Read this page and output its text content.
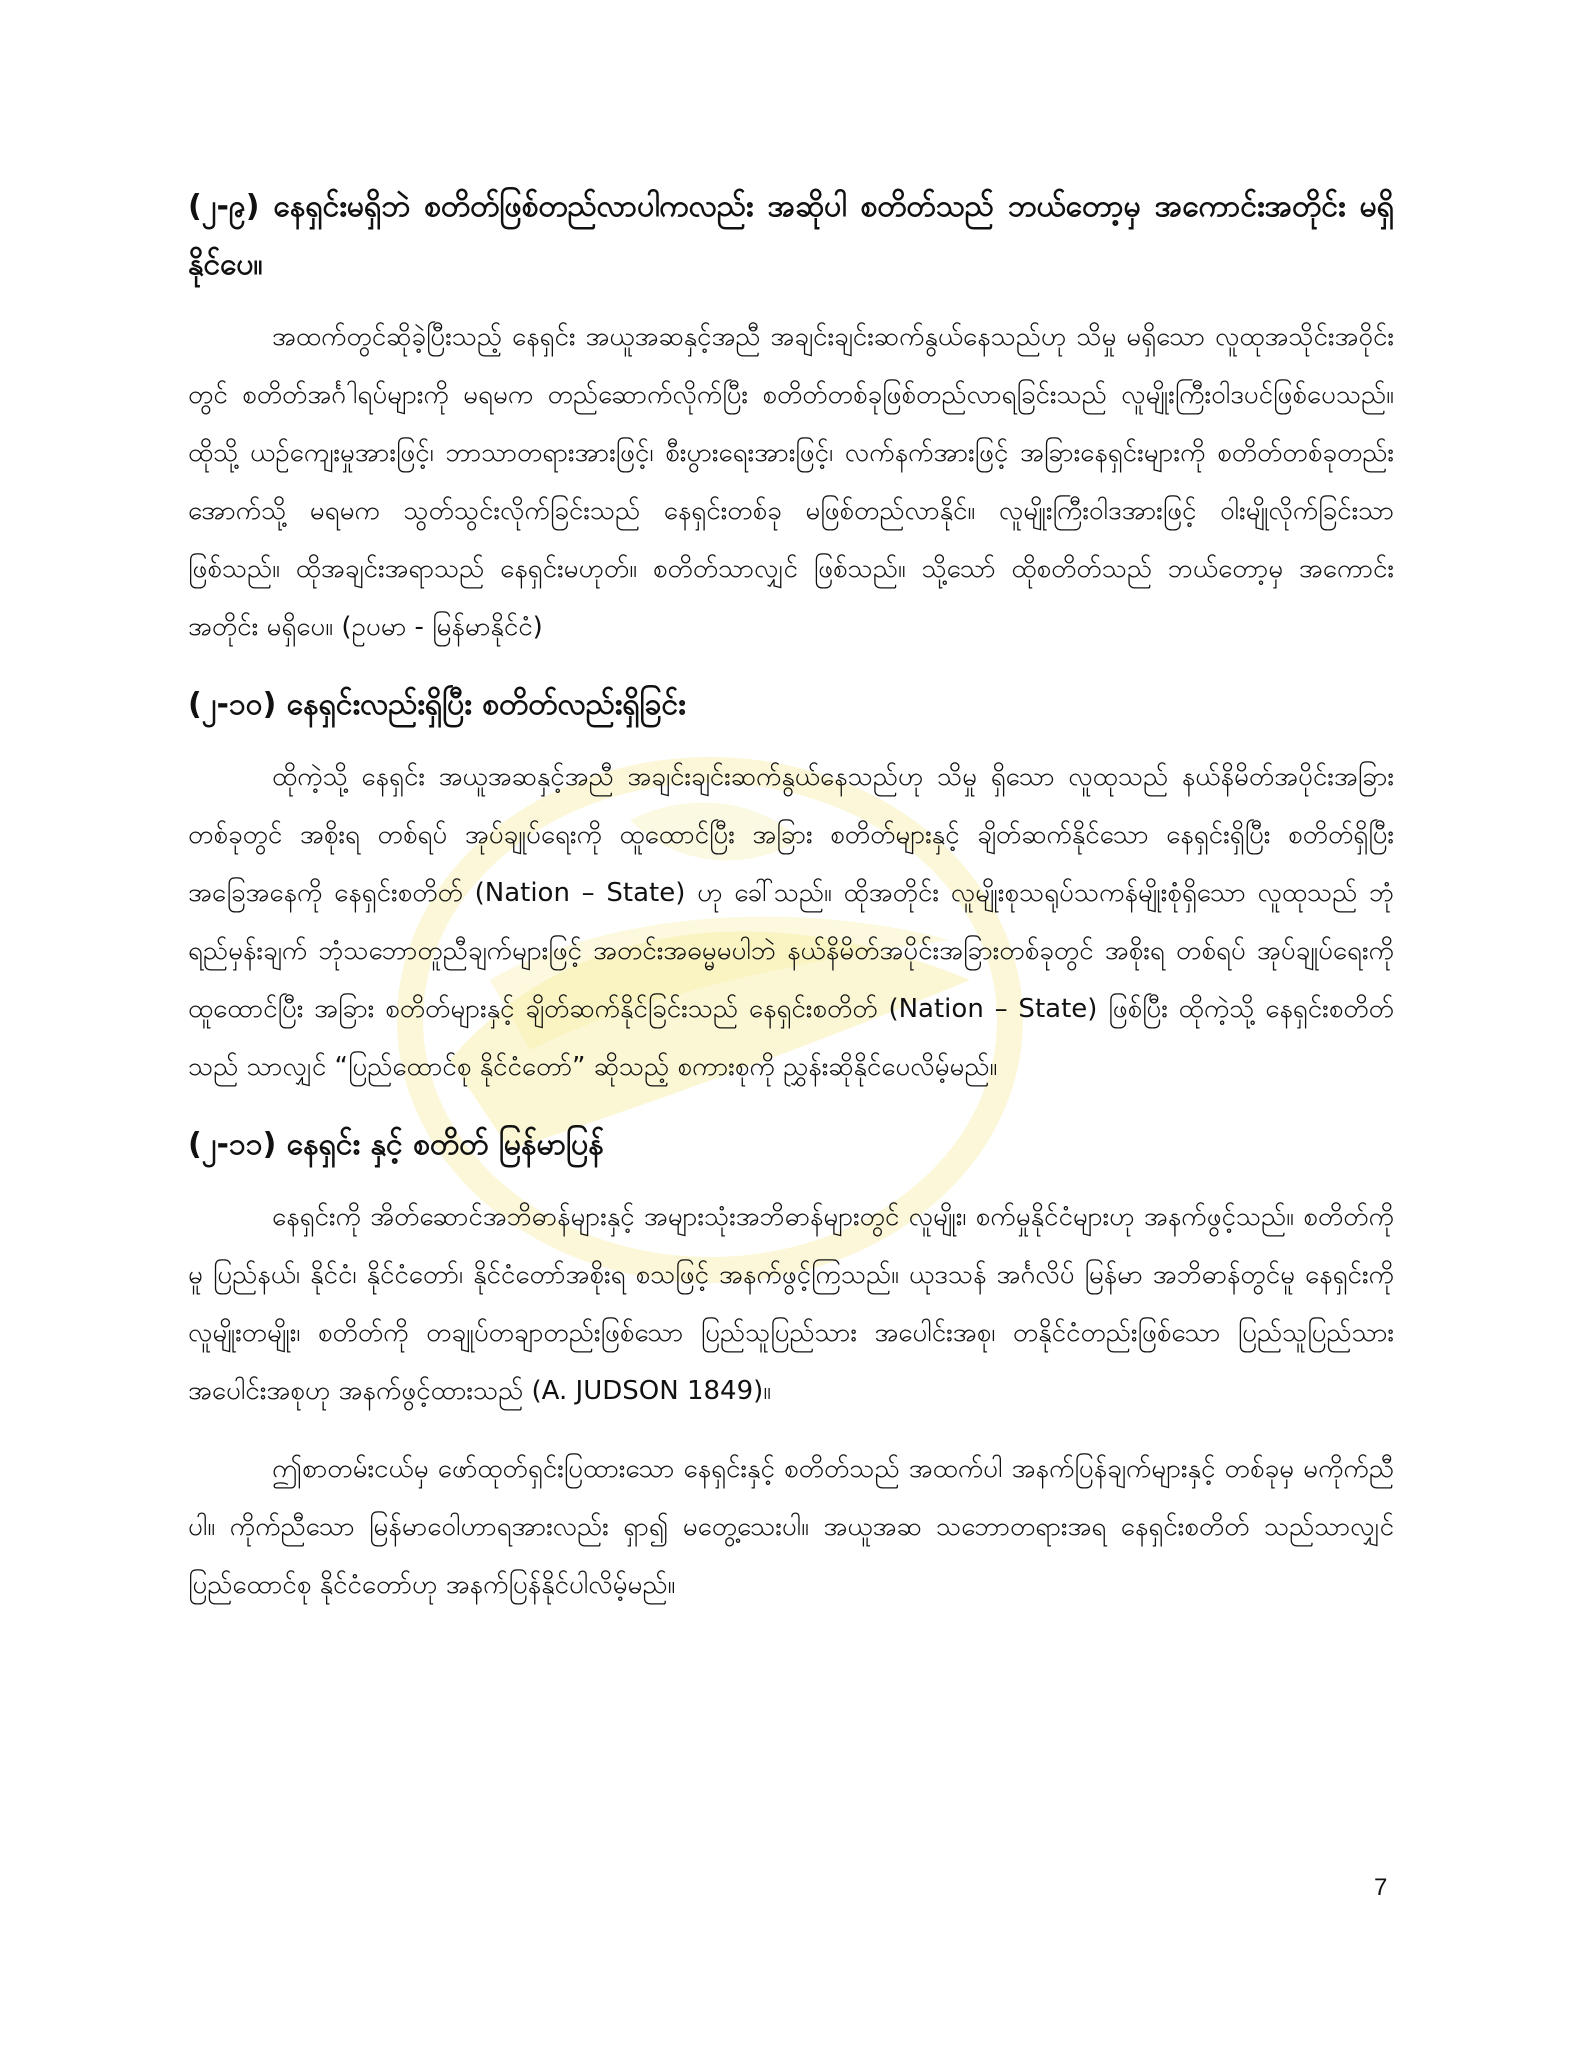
(၂-၉) နေရှင်းမရှိဘဲ စတိတ်ဖြစ်တည်လာပါကလည်း အဆိုပါ စတိတ်သည် ဘယ်တော့မှ အကောင်းအတိုင်း မရှိနိုင်ပေ။

အထက်တွင်ဆိုခဲ့ပြီးသည့် နေရှင်း အယူအဆနှင့်အညီ အချင်းချင်းဆက်နွယ်နေသည်ဟု သိမှု မရှိသော လူထုအသိုင်းအဝိုင်းတွင် စတိတ်အင်္ဂါရပ်များကို မရမက တည်ဆောက်လိုက်ပြီး စတိတ်တစ်ခုဖြစ်တည်လာရခြင်းသည် လူမျိုးကြီးဝါဒပင်ဖြစ်ပေသည်။ ထိုသို့ ယဉ်ကျေးမှုအားဖြင့်၊ ဘာသာတရားအားဖြင့်၊ စီးပွားရေးအားဖြင့်၊ လက်နက်အားဖြင့် အခြားနေရှင်းများကို စတိတ်တစ်ခုတည်းအောက်သို့ မရမက သွတ်သွင်းလိုက်ခြင်းသည် နေရှင်းတစ်ခု မဖြစ်တည်လာနိုင်။ လူမျိုးကြီးဝါဒအားဖြင့် ဝါးမျိုလိုက်ခြင်းသာ ဖြစ်သည်။ ထိုအချင်းအရာသည် နေရှင်းမဟုတ်။ စတိတ်သာလျှင် ဖြစ်သည်။ သို့သော် ထိုစတိတ်သည် ဘယ်တော့မှ အကောင်းအတိုင်း မရှိပေ။ (ဥပမာ - မြန်မာနိုင်ငံ)

(၂-၁၀) နေရှင်းလည်းရှိပြီး စတိတ်လည်းရှိခြင်း

ထိုကဲ့သို့ နေရှင်း အယူအဆနှင့်အညီ အချင်းချင်းဆက်နွယ်နေသည်ဟု သိမှု ရှိသော လူထုသည် နယ်နိမိတ်အပိုင်းအခြားတစ်ခုတွင် အစိုးရ တစ်ရပ် အုပ်ချုပ်ရေးကို ထူထောင်ပြီး အခြား စတိတ်များနှင့် ချိတ်ဆက်နိုင်သော နေရှင်းရှိပြီး စတိတ်ရှိပြီး အခြေအနေကို နေရှင်းစတိတ် (Nation – State) ဟု ခေါ်သည်။ ထိုအတိုင်း လူမျိုးစုသရုပ်သကန်မျိုးစုံရှိသော လူထုသည် ဘုံရည်မှန်းချက် ဘုံသဘောတူညီချက်များဖြင့် အတင်းအဓမ္မမပါဘဲ နယ်နိမိတ်အပိုင်းအခြားတစ်ခုတွင် အစိုးရ တစ်ရပ် အုပ်ချုပ်ရေးကို ထူထောင်ပြီး အခြား စတိတ်များနှင့် ချိတ်ဆက်နိုင်ခြင်းသည် နေရှင်းစတိတ် (Nation – State) ဖြစ်ပြီး ထိုကဲ့သို့ နေရှင်းစတိတ်သည် သာလျှင် “ပြည်ထောင်စု နိုင်ငံတော်” ဆိုသည့် စကားစုကို ညွှန်းဆိုနိုင်ပေလိမ့်မည်။

(၂-၁၁) နေရှင်း နှင့် စတိတ် မြန်မာပြန်

နေရှင်းကို အိတ်ဆောင်အဘိဓာန်များနှင့် အများသုံးအဘိဓာန်များတွင် လူမျိုး၊ စက်မှုနိုင်ငံများဟု အနက်ဖွင့်သည်။ စတိတ်ကိုမူ ပြည်နယ်၊ နိုင်ငံ၊ နိုင်ငံတော်၊ နိုင်ငံတော်အစိုးရ စသဖြင့် အနက်ဖွင့်ကြသည်။ ယုဒသန် အင်္ဂလိပ် မြန်မာ အဘိဓာန်တွင်မူ နေရှင်းကို လူမျိုးတမျိုး၊ စတိတ်ကို တချုပ်တချာတည်းဖြစ်သော ပြည်သူပြည်သား အပေါင်းအစု၊ တနိုင်ငံတည်းဖြစ်သော ပြည်သူပြည်သား အပေါင်းအစုဟု အနက်ဖွင့်ထားသည် (A. JUDSON 1849)။

ဤစာတမ်းငယ်မှ ဖော်ထုတ်ရှင်းပြထားသော နေရှင်းနှင့် စတိတ်သည် အထက်ပါ အနက်ပြန်ချက်များနှင့် တစ်ခုမှ မကိုက်ညီပါ။ ကိုက်ညီသော မြန်မာဝေါဟာရအားလည်း ရှာ၍ မတွေ့သေးပါ။ အယူအဆ သဘောတရားအရ နေရှင်းစတိတ် သည်သာလျှင် ပြည်ထောင်စု နိုင်ငံတော်ဟု အနက်ပြန်နိုင်ပါလိမ့်မည်။

7
